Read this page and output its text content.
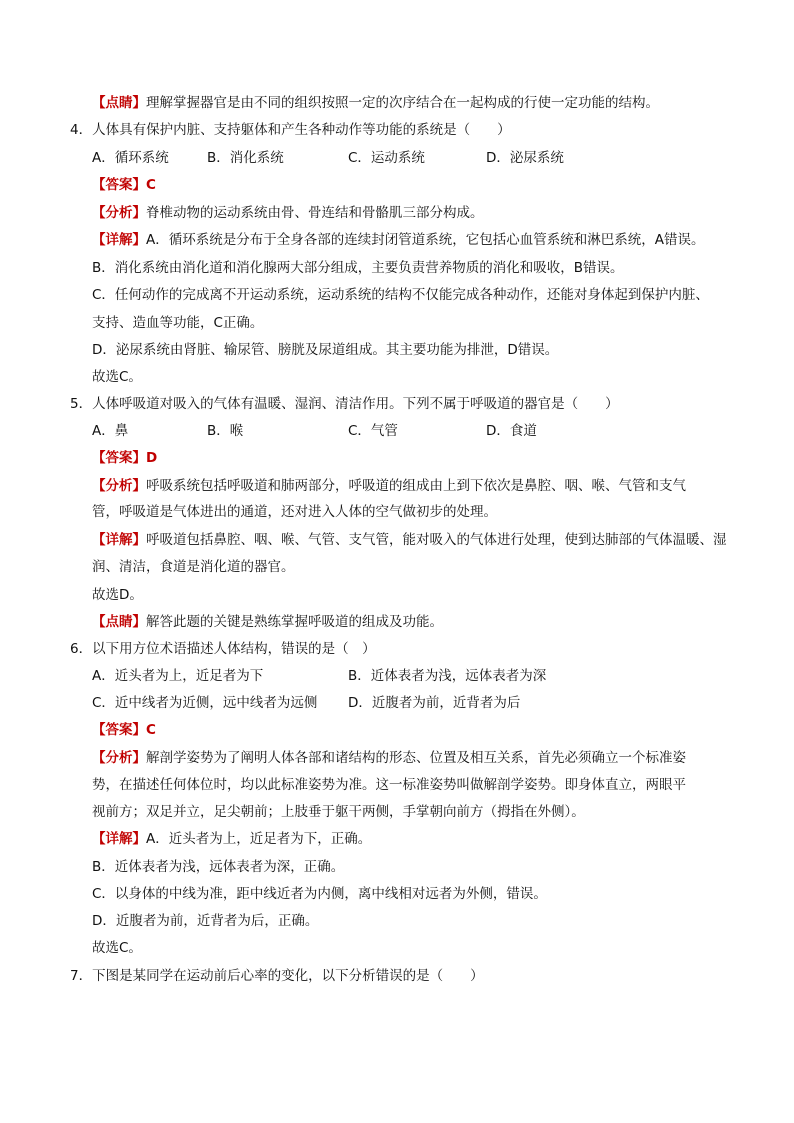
【点睛】理解掌握器官是由不同的组织按照一定的次序结合在一起构成的行使一定功能的结构。
4．人体具有保护内脏、支持躯体和产生各种动作等功能的系统是（　　）
A．循环系统	B．消化系统	C．运动系统	D．泌尿系统
【答案】C
【分析】脊椎动物的运动系统由骨、骨连结和骨骼肌三部分构成。
【详解】A．循环系统是分布于全身各部的连续封闭管道系统，它包括心血管系统和淋巴系统，A错误。
B．消化系统由消化道和消化腺两大部分组成，主要负责营养物质的消化和吸收，B错误。
C．任何动作的完成离不开运动系统，运动系统的结构不仅能完成各种动作，还能对身体起到保护内脏、
支持、造血等功能，C正确。
D．泌尿系统由肾脏、输尿管、膀胱及尿道组成。其主要功能为排泄，D错误。
故选C。
5．人体呼吸道对吸入的气体有温暖、湿润、清洁作用。下列不属于呼吸道的器官是（　　）
A．鼻	B．喉	C．气管	D．食道
【答案】D
【分析】呼吸系统包括呼吸道和肺两部分，呼吸道的组成由上到下依次是鼻腔、咽、喉、气管和支气
管，呼吸道是气体进出的通道，还对进入人体的空气做初步的处理。
【详解】呼吸道包括鼻腔、咽、喉、气管、支气管，能对吸入的气体进行处理，使到达肺部的气体温暖、湿
润、清洁，食道是消化道的器官。
故选D。
【点睛】解答此题的关键是熟练掌握呼吸道的组成及功能。
6．以下用方位术语描述人体结构，错误的是（　）
A．近头者为上，近足者为下	B．近体表者为浅，远体表者为深
C．近中线者为近侧，远中线者为远侧 D．近腹者为前，近背者为后
【答案】C
【分析】解剖学姿势为了阐明人体各部和诸结构的形态、位置及相互关系，首先必须确立一个标准姿
势，在描述任何体位时，均以此标准姿势为准。这一标准姿势叫做解剖学姿势。即身体直立，两眼平
视前方；双足并立，足尖朝前；上肢垂于躯干两侧，手掌朝向前方（拇指在外侧）。
【详解】A．近头者为上，近足者为下，正确。
B．近体表者为浅，远体表者为深，正确。
C．以身体的中线为准，距中线近者为内侧，离中线相对远者为外侧，错误。
D．近腹者为前，近背者为后，正确。
故选C。
7．下图是某同学在运动前后心率的变化，以下分析错误的是（　　）
